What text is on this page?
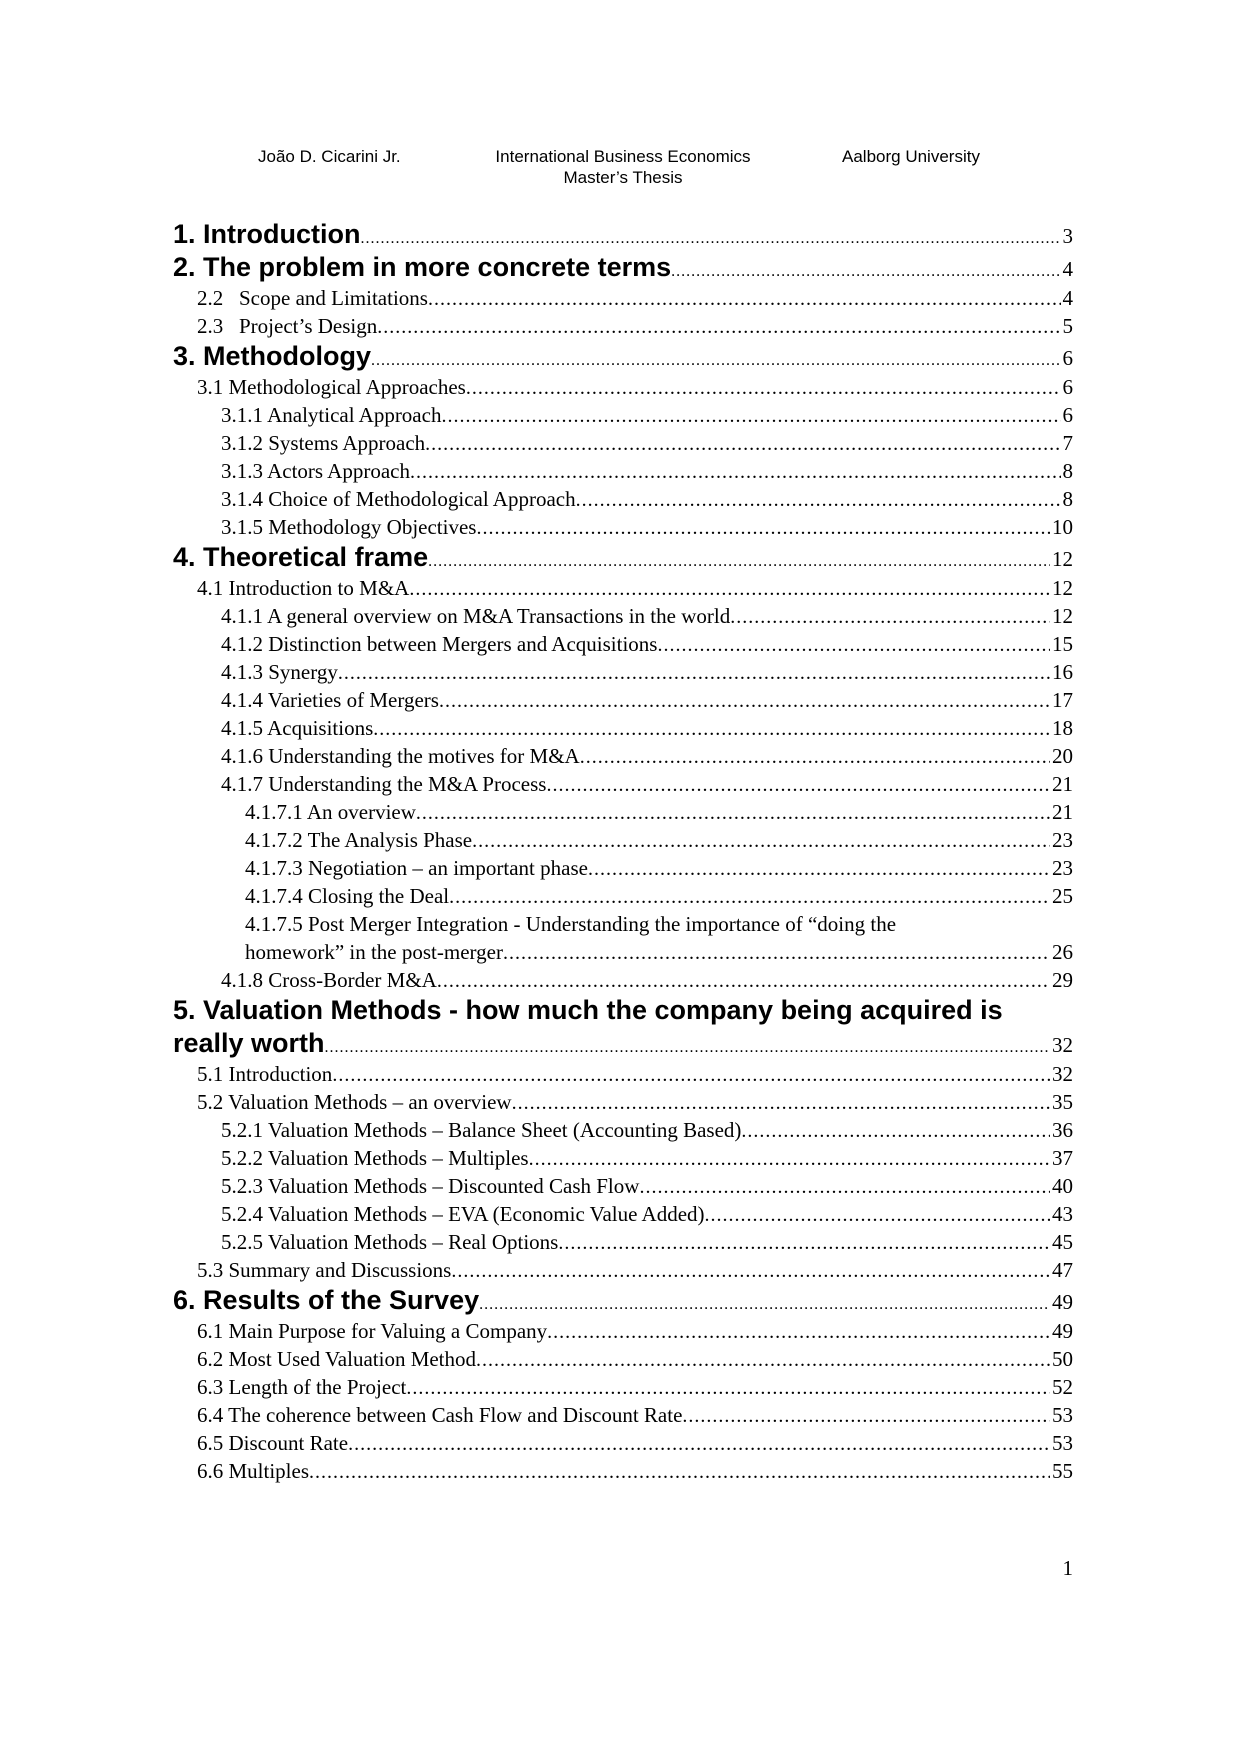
João D. Cicarini Jr.	International Business Economics
Master’s Thesis
Aalborg University
1. Introduction .....	3
2. The problem in more concrete terms .....	4
2.2   Scope and Limitations .....	4
2.3   Project’s Design .....	5
3. Methodology .....	6
3.1 Methodological Approaches .....	6
3.1.1 Analytical Approach .....	6
3.1.2 Systems Approach .....	7
3.1.3 Actors Approach .....	8
3.1.4 Choice of Methodological Approach .....	8
3.1.5 Methodology Objectives .....	10
4. Theoretical frame .....	12
4.1 Introduction to M&A .....	12
4.1.1 A general overview on M&A Transactions in the world .....	12
4.1.2 Distinction between Mergers and Acquisitions .....	15
4.1.3 Synergy .....	16
4.1.4 Varieties of Mergers .....	17
4.1.5 Acquisitions .....	18
4.1.6 Understanding the motives for M&A .....	20
4.1.7 Understanding the M&A Process .....	21
4.1.7.1 An overview .....	21
4.1.7.2 The Analysis Phase .....	23
4.1.7.3 Negotiation – an important phase .....	23
4.1.7.4 Closing the Deal .....	25
4.1.7.5 Post Merger Integration - Understanding the importance of “doing the
homework” in the post-merger .....	26
4.1.8 Cross-Border M&A .....	29
5. Valuation Methods - how much the company being acquired is
really worth .....	32
5.1 Introduction .....	32
5.2 Valuation Methods – an overview .....	35
5.2.1 Valuation Methods – Balance Sheet (Accounting Based) .....	36
5.2.2 Valuation Methods – Multiples .....	37
5.2.3 Valuation Methods – Discounted Cash Flow .....	40
5.2.4 Valuation Methods – EVA (Economic Value Added) .....	43
5.2.5 Valuation Methods – Real Options .....	45
5.3 Summary and Discussions .....	47
6. Results of the Survey .....	49
6.1 Main Purpose for Valuing a Company .....	49
6.2 Most Used Valuation Method .....	50
6.3 Length of the Project .....	52
6.4 The coherence between Cash Flow and Discount Rate .....	53
6.5 Discount Rate .....	53
6.6 Multiples .....	55
1
